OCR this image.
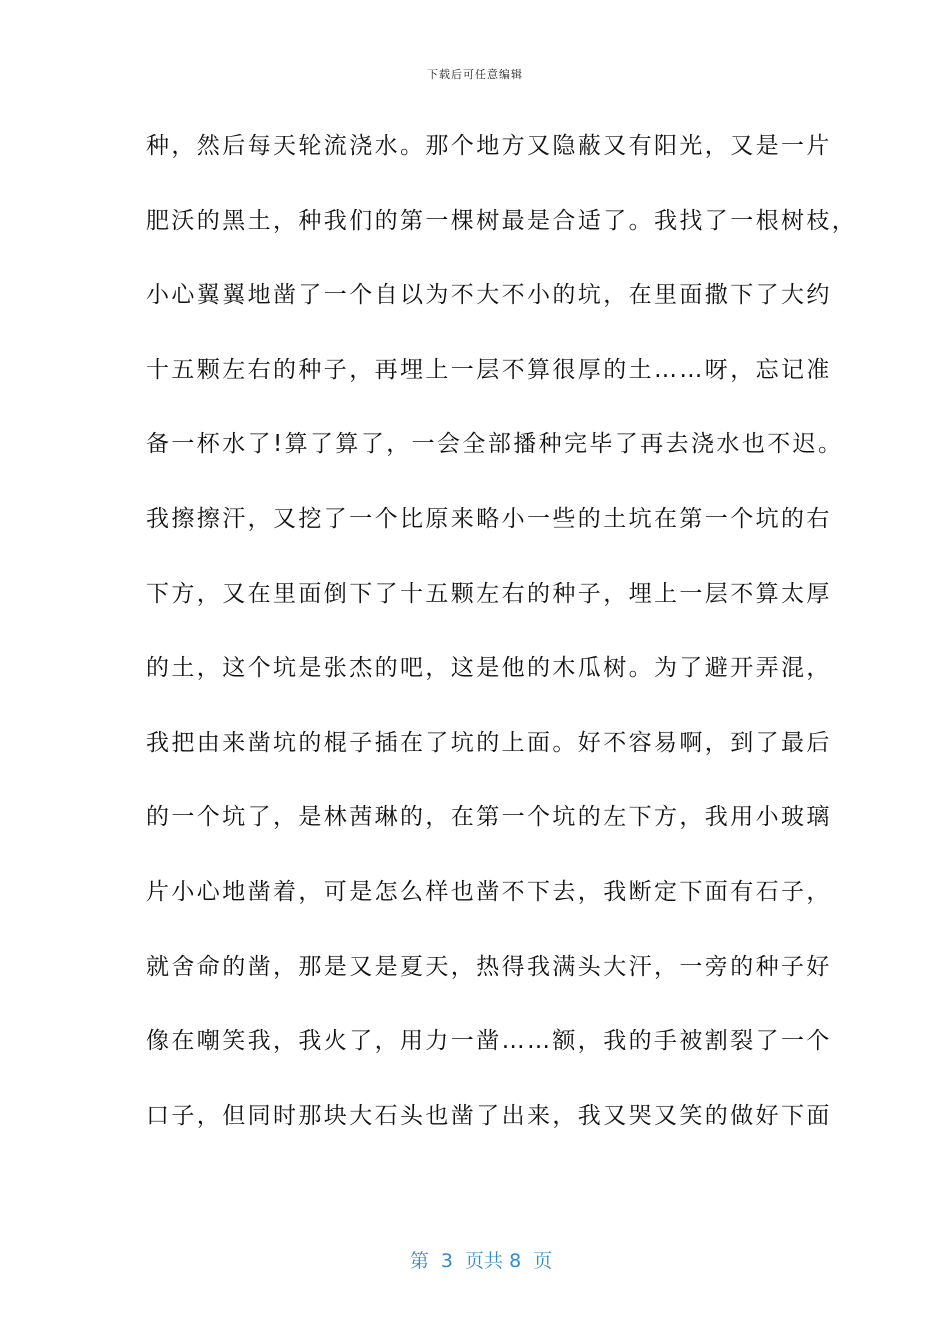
下载后可任意编辑
种，然后每天轮流浇水。那个地方又隐蔽又有阳光，又是一片
肥沃的黑土，种我们的第一棵树最是合适了。我找了一根树枝，
小心翼翼地凿了一个自以为不大不小的坑，在里面撒下了大约
十五颗左右的种子，再埋上一层不算很厚的土……呀，忘记准
备一杯水了!算了算了，一会全部播种完毕了再去浇水也不迟。
我擦擦汗，又挖了一个比原来略小一些的土坑在第一个坑的右
下方，又在里面倒下了十五颗左右的种子，埋上一层不算太厚
的土，这个坑是张杰的吧，这是他的木瓜树。为了避开弄混，
我把由来凿坑的棍子插在了坑的上面。好不容易啊，到了最后
的一个坑了，是林茜琳的，在第一个坑的左下方，我用小玻璃
片小心地凿着，可是怎么样也凿不下去，我断定下面有石子，
就舍命的凿，那是又是夏天，热得我满头大汗，一旁的种子好
像在嘲笑我，我火了，用力一凿……额，我的手被割裂了一个
口子，但同时那块大石头也凿了出来，我又哭又笑的做好下面

第  3  页共 8  页
